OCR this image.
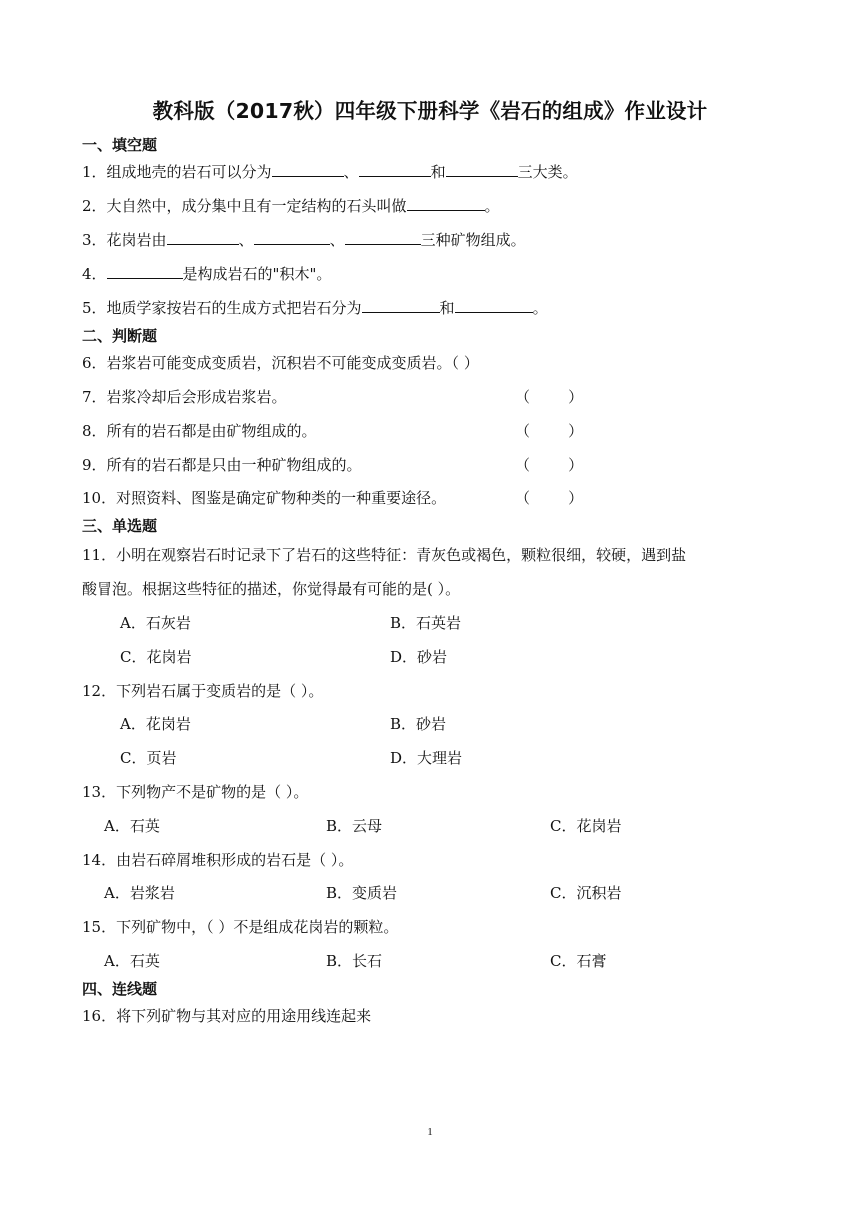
教科版（2017秋）四年级下册科学《岩石的组成》作业设计
一、填空题
1．组成地壳的岩石可以分为	、	和	三大类。
2．大自然中，成分集中且有一定结构的石头叫做	。
3．花岗岩由	、	、	三种矿物组成。
4．	是构成岩石的"积木"。
5．地质学家按岩石的生成方式把岩石分为	和	。
二、判断题
6．岩浆岩可能变成变质岩，沉积岩不可能变成变质岩。（ ）
7．岩浆冷却后会形成岩浆岩。	（        ）
8．所有的岩石都是由矿物组成的。	（        ）
9．所有的岩石都是只由一种矿物组成的。	（        ）
10．对照资料、图鉴是确定矿物种类的一种重要途径。	（        ）
三、单选题
11．小明在观察岩石时记录下了岩石的这些特征：青灰色或褐色，颗粒很细，较硬，遇到盐
酸冒泡。根据这些特征的描述，你觉得最有可能的是( ）。
A．石灰岩	B．石英岩
C．花岗岩	D．砂岩
12．下列岩石属于变质岩的是（ ）。
A．花岗岩	B．砂岩
C．页岩	D．大理岩
13．下列物产不是矿物的是（ ）。
A．石英	B．云母	C．花岗岩
14．由岩石碎屑堆积形成的岩石是（ ）。
A．岩浆岩	B．变质岩	C．沉积岩
15．下列矿物中，（ ）不是组成花岗岩的颗粒。
A．石英	B．长石	C．石膏
四、连线题
16．将下列矿物与其对应的用途用线连起来
1
